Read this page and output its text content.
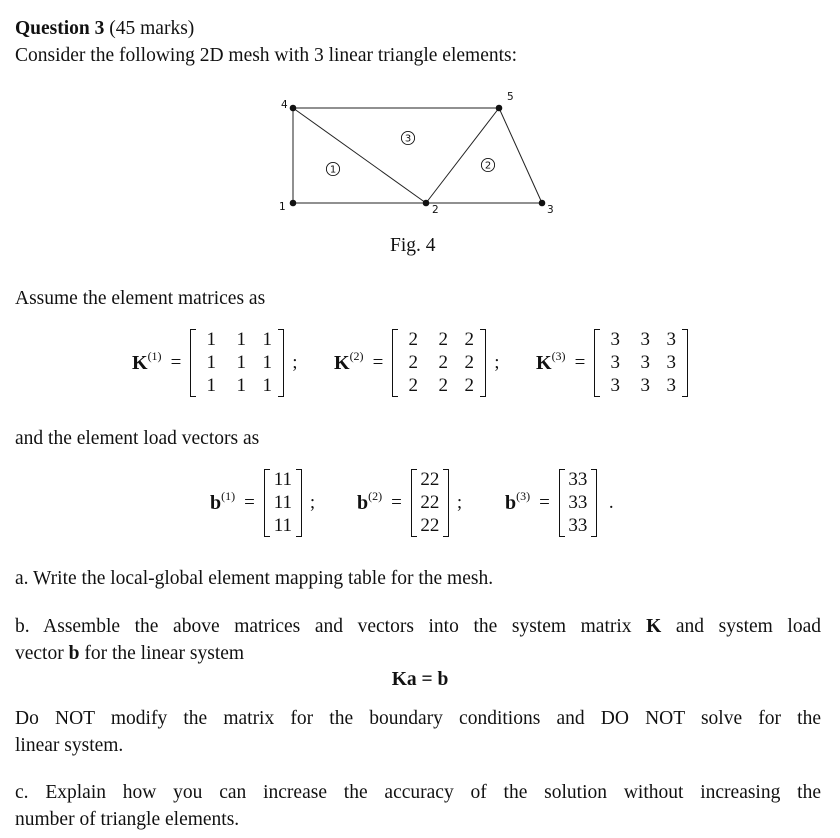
Question 3 (45 marks)
Consider the following 2D mesh with 3 linear triangle elements:
1	2	3
4
5
1	2
3
Fig. 4
Assume the element matrices as
$K^{(1)}$ =
1	1 1
1	1 1
1	1 1
; $K^{(2)}$ =
2	2 2
2	2 2
2	2 2
; $K^{(3)}$ =
3	3 3
3	3 3
3	3 3
and the element load vectors as
$b^{(1)}$ =
11
11
11
; $b^{(2)}$ =
22
22
22
; $b^{(3)}$ =
33
33
33
.
a. Write the local-global element mapping table for the mesh.
b. Assemble the above matrices and vectors into the system matrix K and system load
vector b for the linear system
Ka = b
Do NOT modify the matrix for the boundary conditions and DO NOT solve for the
linear system.
c. Explain how you can increase the accuracy of the solution without increasing the
number of triangle elements.
